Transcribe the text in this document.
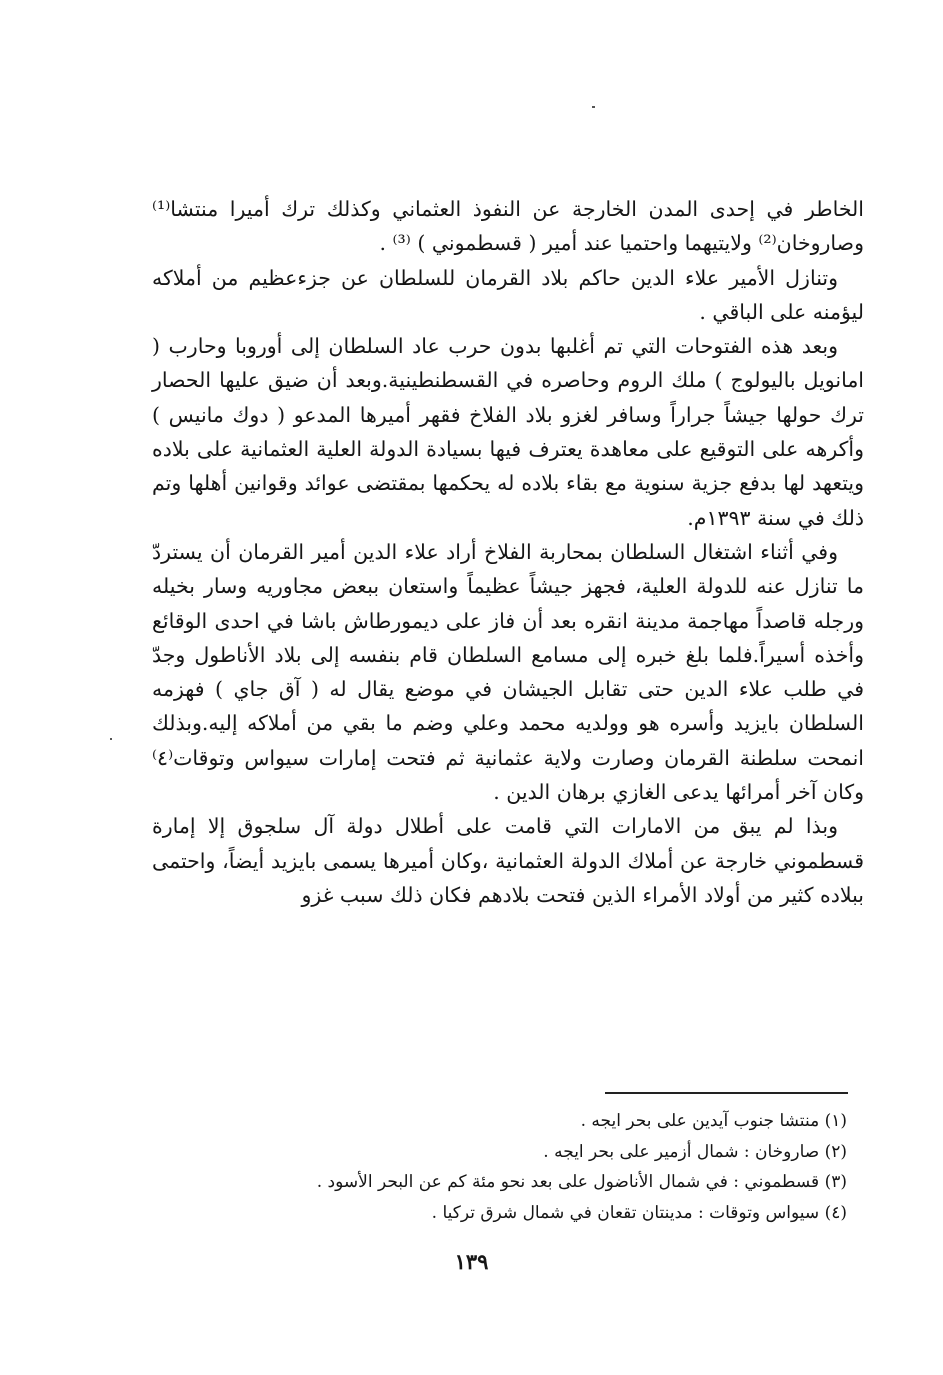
الخاطر في إحدى المدن الخارجة عن النفوذ العثماني وكذلك ترك أميرا منتشا⁽¹⁾ وصاروخان⁽²⁾ ولايتيهما واحتميا عند أمير ( قسطموني ) ⁽³⁾ .

وتنازل الأمير علاء الدين حاكم بلاد القرمان للسلطان عن جزءعظيم من أملاكه ليؤمنه على الباقي .

وبعد هذه الفتوحات التي تم أغلبها بدون حرب عاد السلطان إلى أوروبا وحارب ( امانويل باليولوج ) ملك الروم وحاصره في القسطنطينية.وبعد أن ضيق عليها الحصار ترك حولها جيشاً جراراً وسافر لغزو بلاد الفلاخ فقهر أميرها المدعو ( دوك مانيس ) وأكرهه على التوقيع على معاهدة يعترف فيها بسيادة الدولة العلية العثمانية على بلاده ويتعهد لها بدفع جزية سنوية مع بقاء بلاده له يحكمها بمقتضى عوائد وقوانين أهلها وتم ذلك في سنة ١٣٩٣م.

وفي أثناء اشتغال السلطان بمحاربة الفلاخ أراد علاء الدين أمير القرمان أن يستردّ ما تنازل عنه للدولة العلية، فجهز جيشاً عظيماً واستعان ببعض مجاوريه وسار بخيله ورجله قاصداً مهاجمة مدينة انقره بعد أن فاز على ديمورطاش باشا في احدى الوقائع وأخذه أسيراً.فلما بلغ خبره إلى مسامع السلطان قام بنفسه إلى بلاد الأناطول وجدّ في طلب علاء الدين حتى تقابل الجيشان في موضع يقال له ( آق جاي ) فهزمه السلطان بايزيد وأسره هو وولديه محمد وعلي وضم ما بقي من أملاكه إليه.وبذلك انمحت سلطنة القرمان وصارت ولاية عثمانية ثم فتحت إمارات سيواس وتوقات⁽٤⁾ وكان آخر أمرائها يدعى الغازي برهان الدين .

وبذا لم يبق من الامارات التي قامت على أطلال دولة آل سلجوق إلا إمارة قسطموني خارجة عن أملاك الدولة العثمانية ،وكان أميرها يسمى بايزيد أيضاً، واحتمى ببلاده كثير من أولاد الأمراء الذين فتحت بلادهم فكان ذلك سبب غزو

(١) منتشا جنوب آيدين على بحر ايجه .

(٢) صاروخان : شمال أزمير على بحر ايجه .

(٣) قسطموني : في شمال الأناضول على بعد نحو مئة كم عن البحر الأسود .

(٤) سيواس وتوقات : مدينتان تقعان في شمال شرق تركيا .

١٣٩
